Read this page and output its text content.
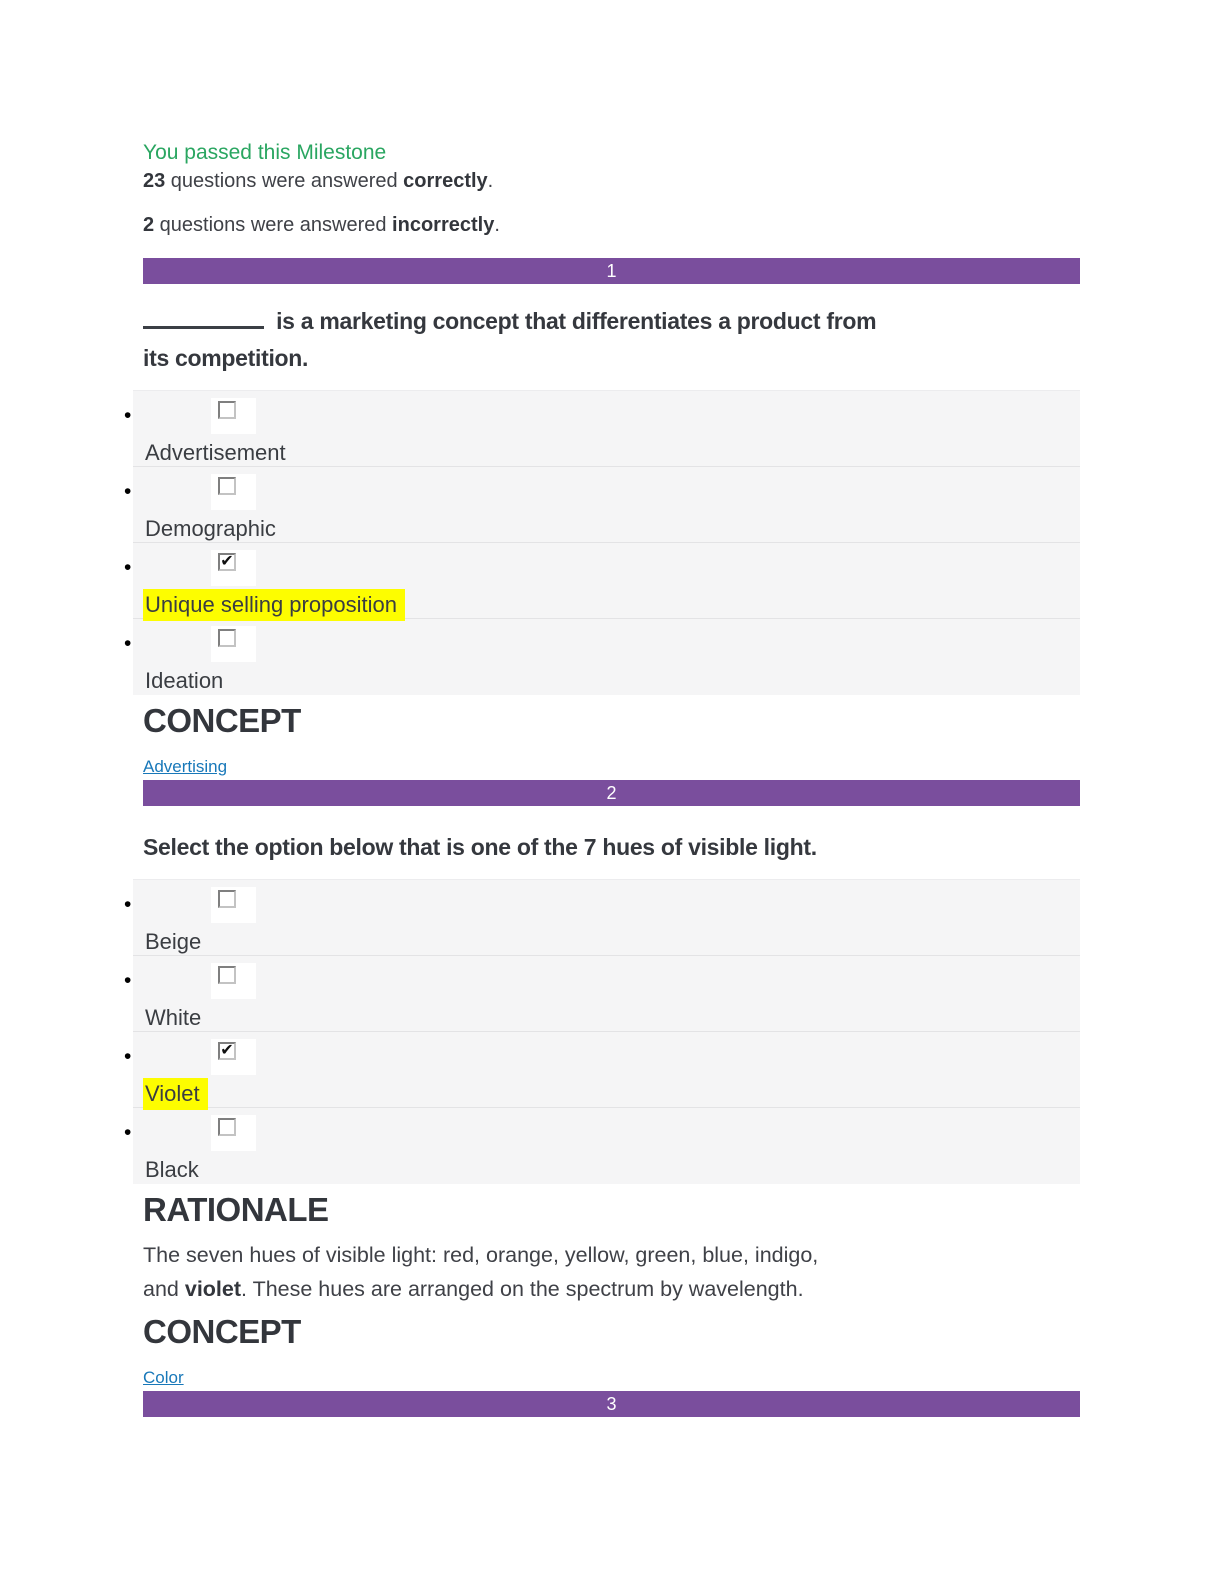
You passed this Milestone

23 questions were answered correctly.

2 questions were answered incorrectly.

1
is a marketing concept that differentiates a product from
its competition.
•
Advertisement
•
Demographic
•	✔
Unique selling proposition
•
Ideation
CONCEPT
Advertising
2
Select the option below that is one of the 7 hues of visible light.
•
Beige
•
White
•	✔
Violet
•
Black
RATIONALE

The seven hues of visible light: red, orange, yellow, green, blue, indigo,
and violet. These hues are arranged on the spectrum by wavelength.

CONCEPT
Color
3
